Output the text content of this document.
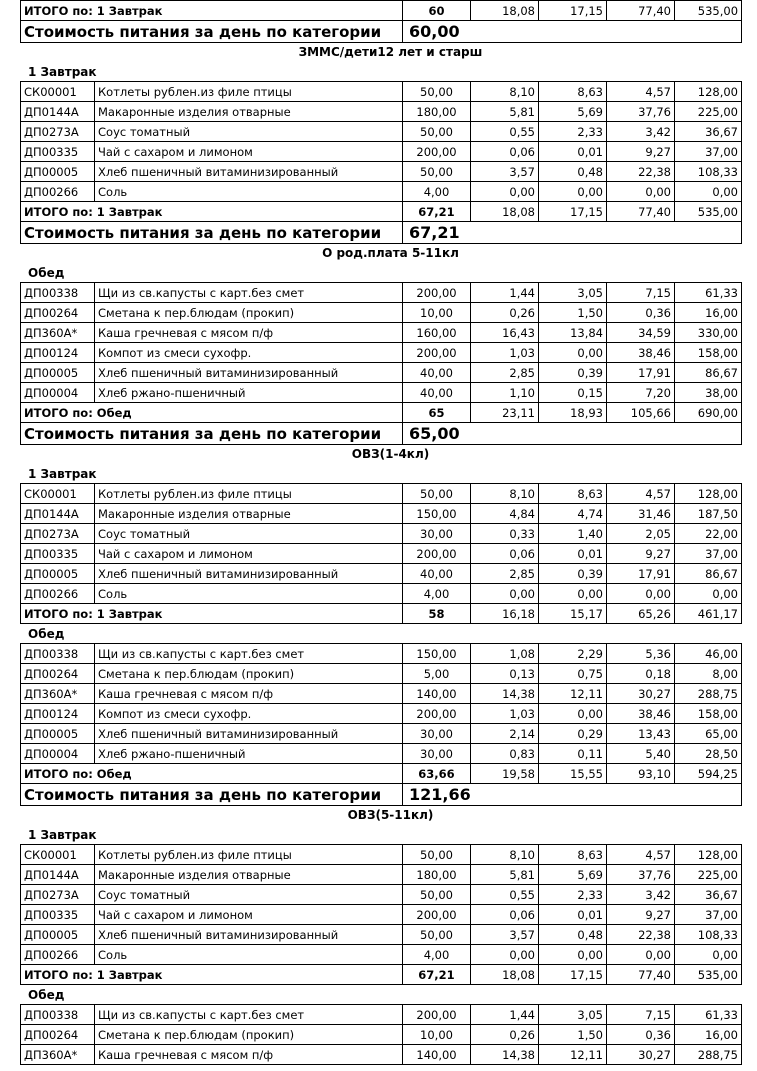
ИТОГО по: 1 Завтрак	60	18,08	17,15	77,40	535,00
Стоимость питания за день по категории	60,00				
ЗММС/дети12 лет и старш
1 Завтрак
СК00001	Котлеты рублен.из филе птицы	50,00	8,10	8,63	4,57	128,00
ДП0144А	Макаронные изделия отварные	180,00	5,81	5,69	37,76	225,00
ДП0273А	Соус томатный	50,00	0,55	2,33	3,42	36,67
ДП00335	Чай с сахаром и лимоном	200,00	0,06	0,01	9,27	37,00
ДП00005	Хлеб пшеничный витаминизированный	50,00	3,57	0,48	22,38	108,33
ДП00266	Соль	4,00	0,00	0,00	0,00	0,00
ИТОГО по: 1 Завтрак		67,21	18,08	17,15	77,40	535,00
Стоимость питания за день по категории		67,21				
О род.плата 5-11кл
Обед
ДП00338	Щи из св.капусты с карт.без смет	200,00	1,44	3,05	7,15	61,33
ДП00264	Сметана к пер.блюдам (прокип)	10,00	0,26	1,50	0,36	16,00
ДП360А*	Каша гречневая с мясом п/ф	160,00	16,43	13,84	34,59	330,00
ДП00124	Компот из смеси сухофр.	200,00	1,03	0,00	38,46	158,00
ДП00005	Хлеб пшеничный витаминизированный	40,00	2,85	0,39	17,91	86,67
ДП00004	Хлеб ржано-пшеничный	40,00	1,10	0,15	7,20	38,00
ИТОГО по: Обед		65	23,11	18,93	105,66	690,00
Стоимость питания за день по категории		65,00				
ОВЗ(1-4кл)
1 Завтрак
СК00001	Котлеты рублен.из филе птицы	50,00	8,10	8,63	4,57	128,00
ДП0144А	Макаронные изделия отварные	150,00	4,84	4,74	31,46	187,50
ДП0273А	Соус томатный	30,00	0,33	1,40	2,05	22,00
ДП00335	Чай с сахаром и лимоном	200,00	0,06	0,01	9,27	37,00
ДП00005	Хлеб пшеничный витаминизированный	40,00	2,85	0,39	17,91	86,67
ДП00266	Соль	4,00	0,00	0,00	0,00	0,00
ИТОГО по: 1 Завтрак		58	16,18	15,17	65,26	461,17
Обед
ДП00338	Щи из св.капусты с карт.без смет	150,00	1,08	2,29	5,36	46,00
ДП00264	Сметана к пер.блюдам (прокип)	5,00	0,13	0,75	0,18	8,00
ДП360А*	Каша гречневая с мясом п/ф	140,00	14,38	12,11	30,27	288,75
ДП00124	Компот из смеси сухофр.	200,00	1,03	0,00	38,46	158,00
ДП00005	Хлеб пшеничный витаминизированный	30,00	2,14	0,29	13,43	65,00
ДП00004	Хлеб ржано-пшеничный	30,00	0,83	0,11	5,40	28,50
ИТОГО по: Обед		63,66	19,58	15,55	93,10	594,25
Стоимость питания за день по категории		121,66				
ОВЗ(5-11кл)
1 Завтрак
СК00001	Котлеты рублен.из филе птицы	50,00	8,10	8,63	4,57	128,00
ДП0144А	Макаронные изделия отварные	180,00	5,81	5,69	37,76	225,00
ДП0273А	Соус томатный	50,00	0,55	2,33	3,42	36,67
ДП00335	Чай с сахаром и лимоном	200,00	0,06	0,01	9,27	37,00
ДП00005	Хлеб пшеничный витаминизированный	50,00	3,57	0,48	22,38	108,33
ДП00266	Соль	4,00	0,00	0,00	0,00	0,00
ИТОГО по: 1 Завтрак		67,21	18,08	17,15	77,40	535,00
Обед
ДП00338	Щи из св.капусты с карт.без смет	200,00	1,44	3,05	7,15	61,33
ДП00264	Сметана к пер.блюдам (прокип)	10,00	0,26	1,50	0,36	16,00
ДП360А*	Каша гречневая с мясом п/ф	140,00	14,38	12,11	30,27	288,75
